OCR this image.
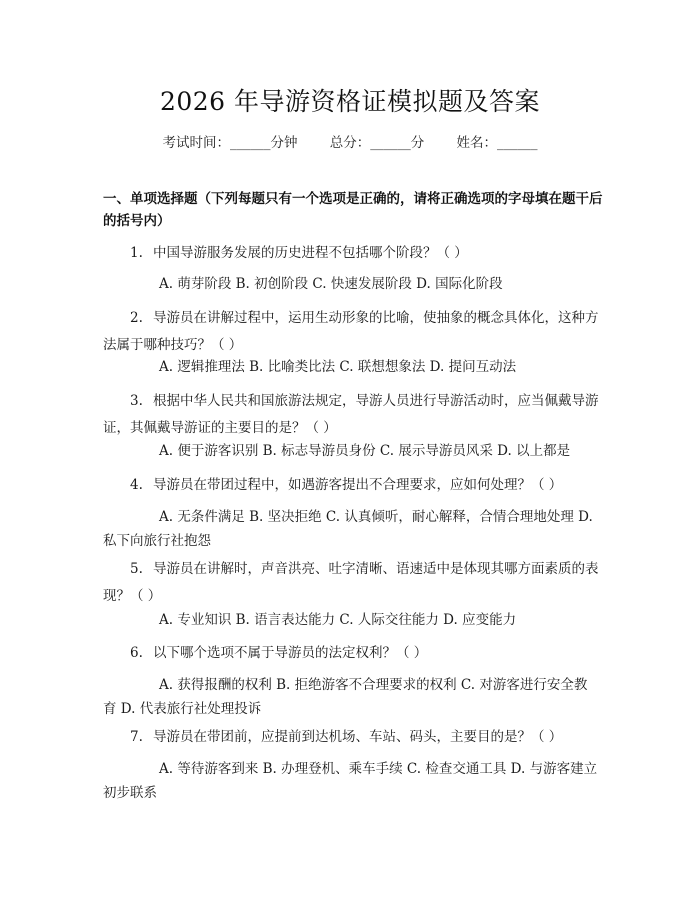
2026 年导游资格证模拟题及答案
考试时间：______分钟 总分：______分 姓名：______
一、单项选择题（下列每题只有一个选项是正确的，请将正确选项的字母填在题干后的括号内）
1. 中国导游服务发展的历史进程不包括哪个阶段？（ ）
A. 萌芽阶段 B. 初创阶段 C. 快速发展阶段 D. 国际化阶段
2. 导游员在讲解过程中，运用生动形象的比喻，使抽象的概念具体化，这种方法属于哪种技巧？（ ）
A. 逻辑推理法 B. 比喻类比法 C. 联想想象法 D. 提问互动法
3. 根据中华人民共和国旅游法规定，导游人员进行导游活动时，应当佩戴导游证，其佩戴导游证的主要目的是？（ ）
A. 便于游客识别 B. 标志导游员身份 C. 展示导游员风采 D. 以上都是
4. 导游员在带团过程中，如遇游客提出不合理要求，应如何处理？（ ）
A. 无条件满足 B. 坚决拒绝 C. 认真倾听，耐心解释，合情合理地处理 D. 私下向旅行社抱怨
5. 导游员在讲解时，声音洪亮、吐字清晰、语速适中是体现其哪方面素质的表现？（ ）
A. 专业知识 B. 语言表达能力 C. 人际交往能力 D. 应变能力
6. 以下哪个选项不属于导游员的法定权利？（ ）
A. 获得报酬的权利 B. 拒绝游客不合理要求的权利 C. 对游客进行安全教育 D. 代表旅行社处理投诉
7. 导游员在带团前，应提前到达机场、车站、码头，主要目的是？（ ）
A. 等待游客到来 B. 办理登机、乘车手续 C. 检查交通工具 D. 与游客建立初步联系
